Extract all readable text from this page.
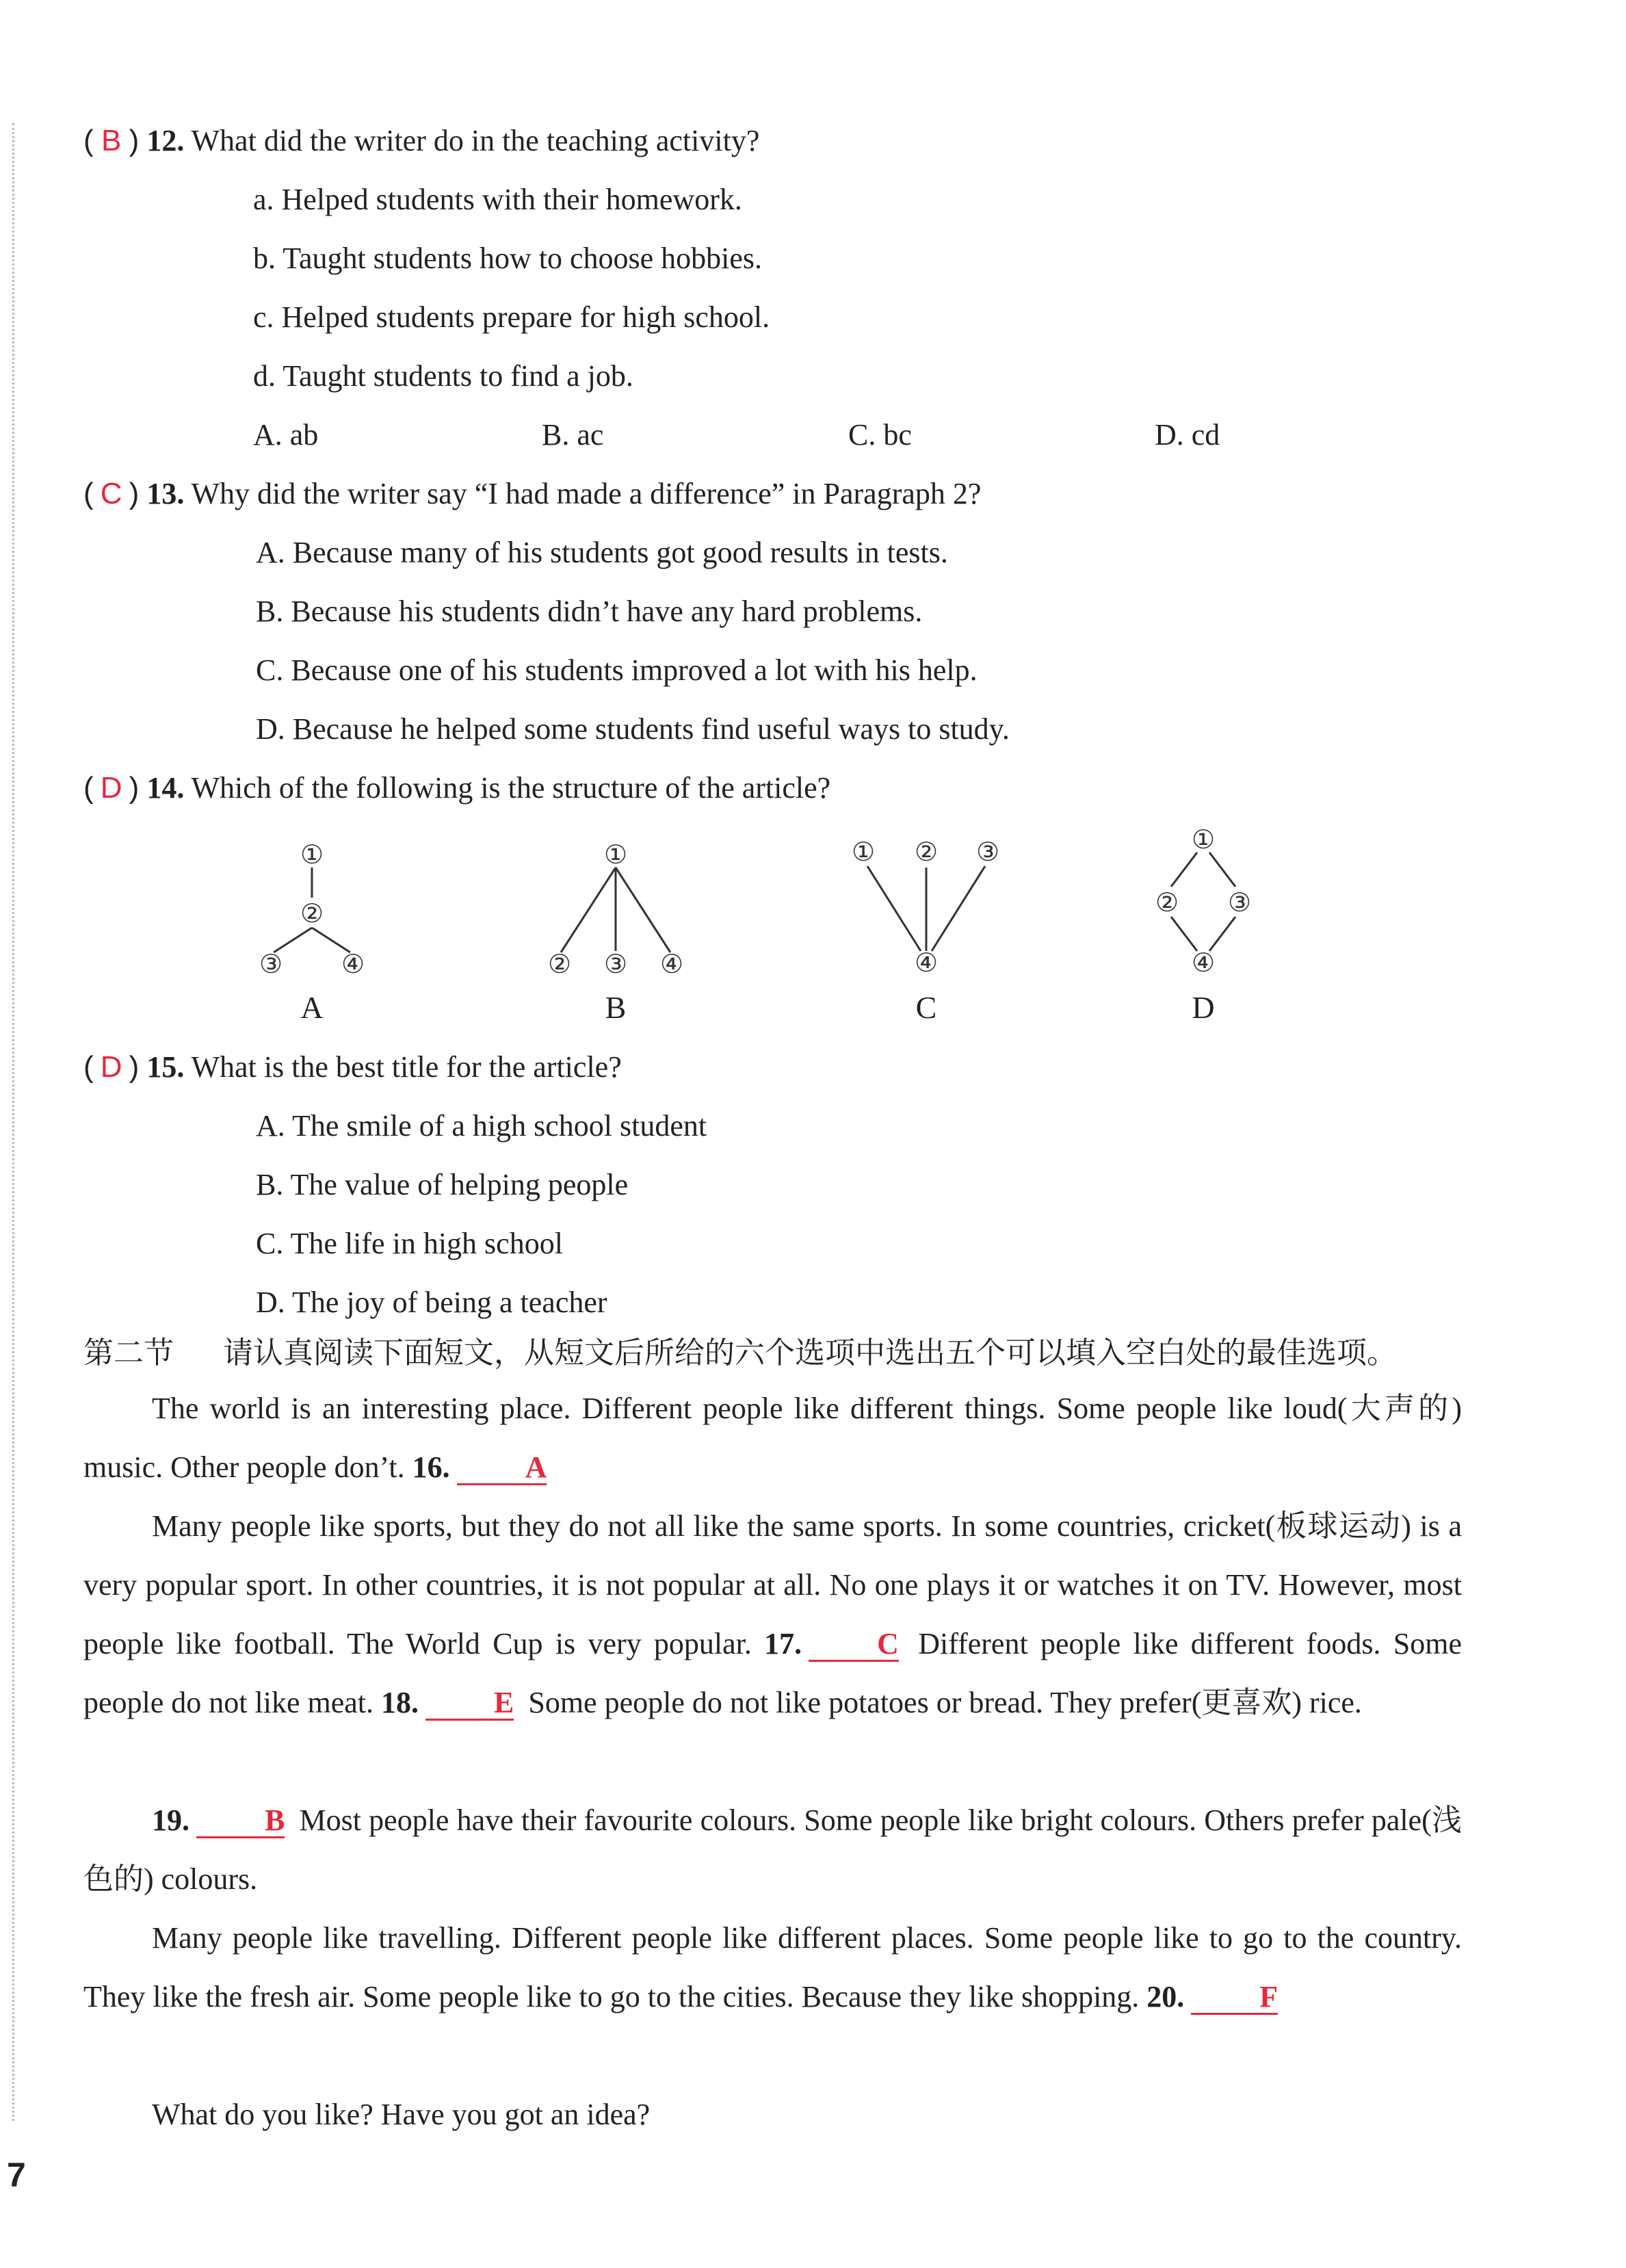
( B ) 12. What did the writer do in the teaching activity?
a. Helped students with their homework.
b. Taught students how to choose hobbies.
c. Helped students prepare for high school.
d. Taught students to find a job.
A. ab	B. ac	C. bc	D. cd
( C ) 13. Why did the writer say “I had made a difference” in Paragraph 2?
A. Because many of his students got good results in tests.
B. Because his students didn’t have any hard problems.
C. Because one of his students improved a lot with his help.
D. Because he helped some students find useful ways to study.
( D ) 14. Which of the following is the structure of the article?
①
②
③ ④
①
② ③ ④
① ② ③
④
①
② ③
④
A	B	C	D
( D ) 15. What is the best title for the article?
A. The smile of a high school student
B. The value of helping people
C. The life in high school
D. The joy of being a teacher
第二节 请认真阅读下面短文，从短文后所给的六个选项中选出五个可以填入空白处的最佳选项。
The world is an interesting place. Different people like different things. Some people like loud(大声的) music. Other people don’t. 16.	A
Many people like sports, but they do not all like the same sports. In some countries, cricket(板球运动) is a very popular sport. In other countries, it is not popular at all. No one plays it or watches it on TV. However, most people like football. The World Cup is very popular. 17.	C Different people like different foods. Some people do not like meat. 18.	E Some people do not like potatoes or bread. They prefer(更喜欢) rice.
19.	B Most people have their favourite colours. Some people like bright colours. Others prefer pale(浅色的) colours.
Many people like travelling. Different people like different places. Some people like to go to the country. They like the fresh air. Some people like to go to the cities. Because they like shopping. 20.	F
What do you like? Have you got an idea?
7
